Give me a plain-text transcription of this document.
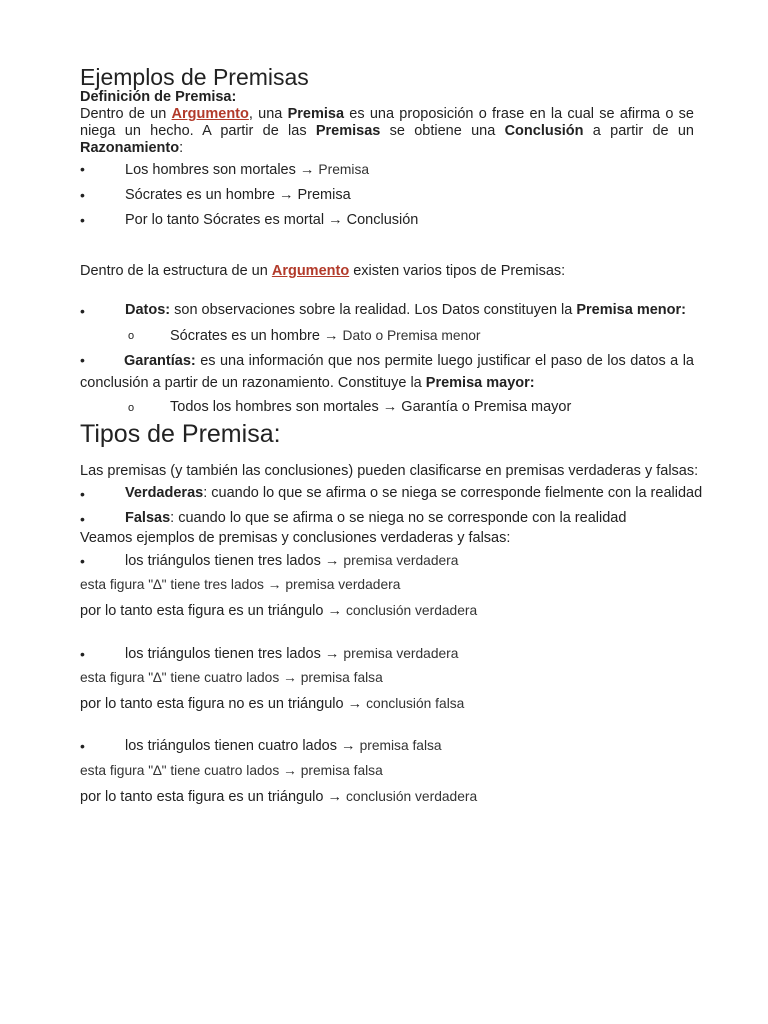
Ejemplos de Premisas
Definición de Premisa:
Dentro de un Argumento, una Premisa es una proposición o frase en la cual se afirma o se niega un hecho. A partir de las Premisas se obtiene una Conclusión a partir de un Razonamiento:
•	Los hombres son mortales → Premisa
•	Sócrates es un hombre → Premisa
•	Por lo tanto Sócrates es mortal → Conclusión
Dentro de la estructura de un Argumento existen varios tipos de Premisas:
•	Datos: son observaciones sobre la realidad. Los Datos constituyen la Premisa menor:
o Sócrates es un hombre → Dato o Premisa menor
•	Garantías: es una información que nos permite luego justificar el paso de los datos a la conclusión a partir de un razonamiento. Constituye la Premisa mayor:
o Todos los hombres son mortales → Garantía o Premisa mayor
Tipos de Premisa:
Las premisas (y también las conclusiones) pueden clasificarse en premisas verdaderas y falsas:
•	Verdaderas: cuando lo que se afirma o se niega se corresponde fielmente con la realidad
•	Falsas: cuando lo que se afirma o se niega no se corresponde con la realidad
Veamos ejemplos de premisas y conclusiones verdaderas y falsas:
•	los triángulos tienen tres lados → premisa verdadera
esta figura "∆" tiene tres lados → premisa verdadera
por lo tanto esta figura es un triángulo → conclusión verdadera
•	los triángulos tienen tres lados → premisa verdadera
esta figura "∆" tiene cuatro lados → premisa falsa
por lo tanto esta figura no es un triángulo → conclusión falsa
•	los triángulos tienen cuatro lados → premisa falsa
esta figura "∆" tiene cuatro lados → premisa falsa
por lo tanto esta figura es un triángulo → conclusión verdadera
